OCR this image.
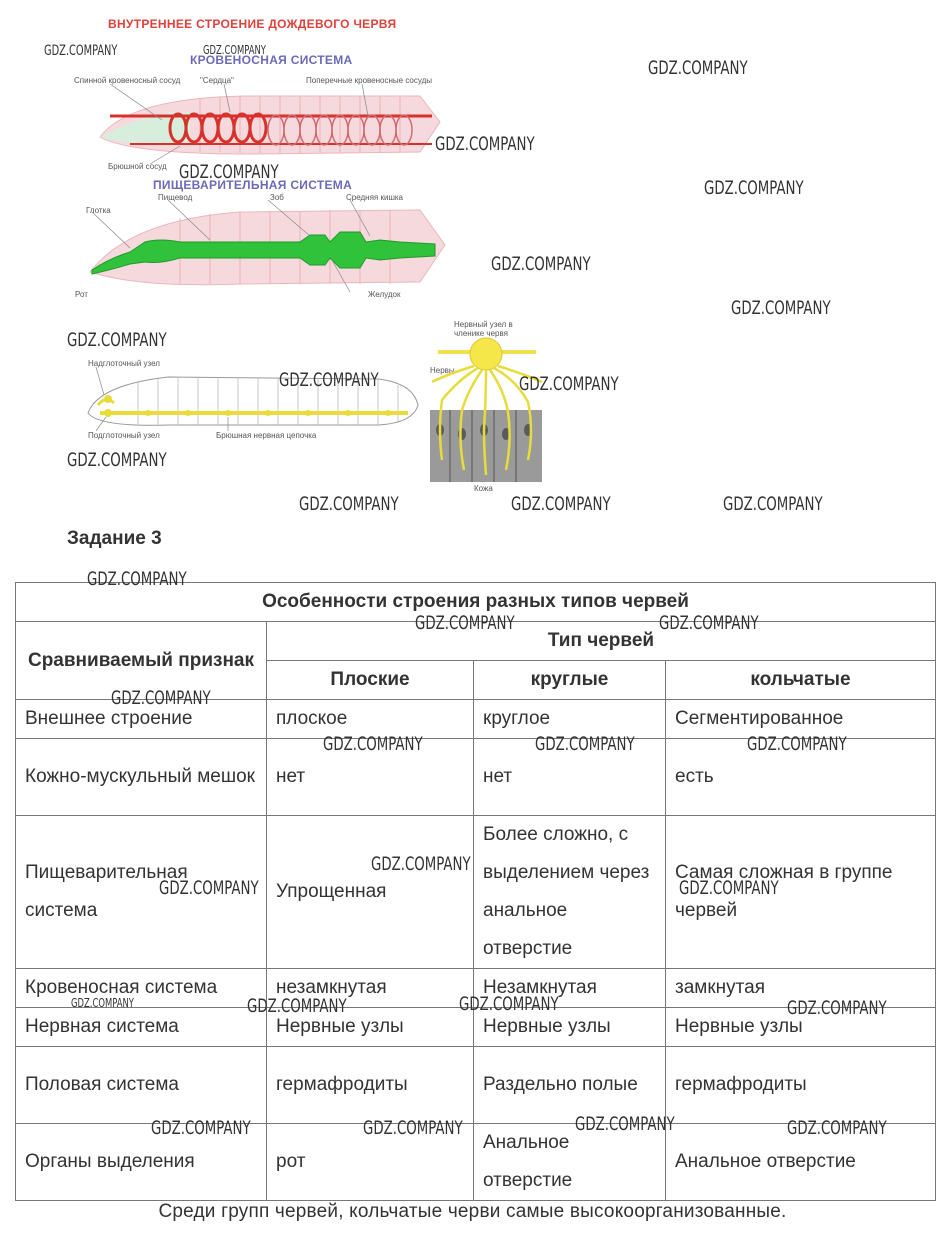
ВНУТРЕННЕЕ СТРОЕНИЕ ДОЖДЕВОГО ЧЕРВЯ
КРОВЕНОСНАЯ СИСТЕМА
ПИЩЕВАРИТЕЛЬНАЯ СИСТЕМА
Спинной кровеносный сосуд "Сердца"	Поперечные кровеносные сосуды
Брюшной сосуд
Глотка
Пищевод	Зоб	Средняя кишка
Рот	Желудок
Надглоточный узел
Подглоточный узел	Брюшная нервная цепочка
Нервный узел в членике червя
Нервы
Кожа
GDZ.COMPANY	GDZ.COMPANY
GDZ.COMPANY
GDZ.COMPANY
GDZ.COMPANY
GDZ.COMPANY
GDZ.COMPANY
GDZ.COMPANY
GDZ.COMPANY
GDZ.COMPANY	GDZ.COMPANY
GDZ.COMPANY
GDZ.COMPANY	GDZ.COMPANY	GDZ.COMPANY
Задание 3
Особенности строения разных типов червей			
Сравниваемый признак	Тип червей		
	Плоские	круглые	кольчатые
Внешнее строение	плоское	круглое	Сегментированное
Кожно-мускульный мешок	нет	нет	есть
Пищеварительная система	Упрощенная	Более сложно, с выделением через анальное отверстие	Самая сложная в группе червей
Кровеносная система	незамкнутая	Незамкнутая	замкнутая
Нервная система	Нервные узлы	Нервные узлы	Нервные узлы
Половая система	гермафродиты	Раздельно полые	гермафродиты
Органы выделения	рот	Анальное отверстие	Анальное отверстие
GDZ.COMPANY
GDZ.COMPANY	GDZ.COMPANY
GDZ.COMPANY
GDZ.COMPANY	GDZ.COMPANY	GDZ.COMPANY
GDZ.COMPANY
GDZ.COMPANY	GDZ.COMPANY
GDZ.COMPANY	GDZ.COMPANY	GDZ.COMPANY	GDZ.COMPANY
GDZ.COMPANY	GDZ.COMPANY	GDZ.COMPANY	GDZ.COMPANY
Среди групп червей, кольчатые черви самые высокоорганизованные.
